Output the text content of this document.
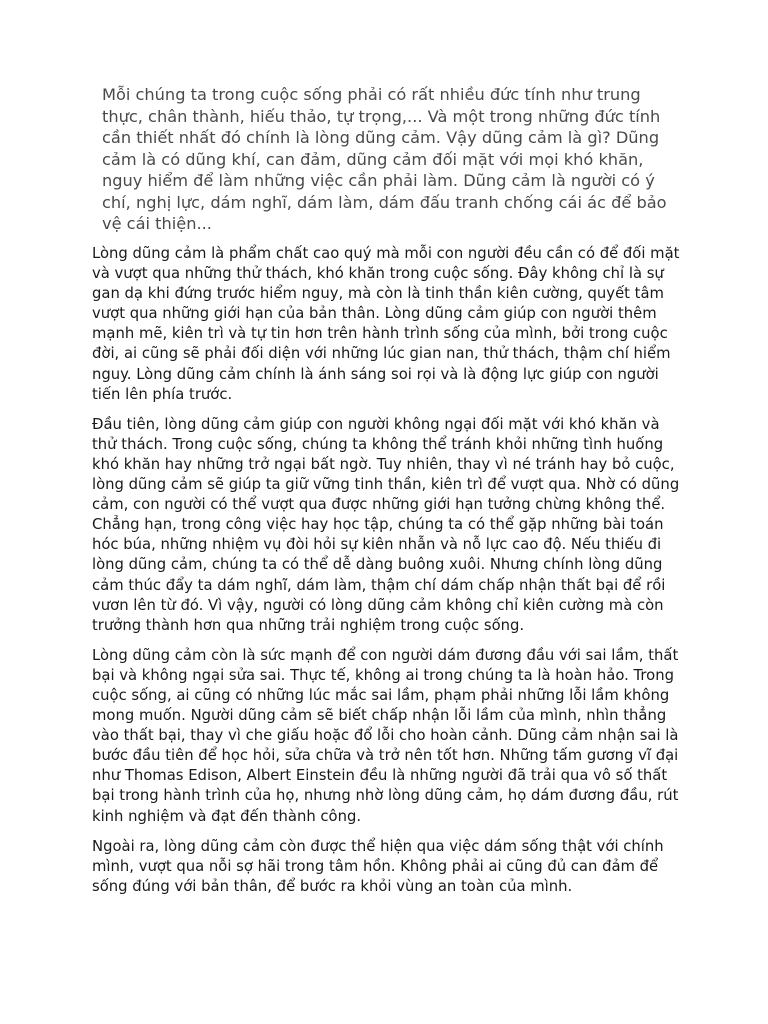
Mỗi chúng ta trong cuộc sống phải có rất nhiều đức tính như trung thực, chân thành, hiếu thảo, tự trọng,... Và một trong những đức tính cần thiết nhất đó chính là lòng dũng cảm. Vậy dũng cảm là gì? Dũng cảm là có dũng khí, can đảm, dũng cảm đối mặt với mọi khó khăn, nguy hiểm để làm những việc cần phải làm. Dũng cảm là người có ý chí, nghị lực, dám nghĩ, dám làm, dám đấu tranh chống cái ác để bảo vệ cái thiện...

Lòng dũng cảm là phẩm chất cao quý mà mỗi con người đều cần có để đối mặt và vượt qua những thử thách, khó khăn trong cuộc sống. Đây không chỉ là sự gan dạ khi đứng trước hiểm nguy, mà còn là tinh thần kiên cường, quyết tâm vượt qua những giới hạn của bản thân. Lòng dũng cảm giúp con người thêm mạnh mẽ, kiên trì và tự tin hơn trên hành trình sống của mình, bởi trong cuộc đời, ai cũng sẽ phải đối diện với những lúc gian nan, thử thách, thậm chí hiểm nguy. Lòng dũng cảm chính là ánh sáng soi rọi và là động lực giúp con người tiến lên phía trước.

Đầu tiên, lòng dũng cảm giúp con người không ngại đối mặt với khó khăn và thử thách. Trong cuộc sống, chúng ta không thể tránh khỏi những tình huống khó khăn hay những trở ngại bất ngờ. Tuy nhiên, thay vì né tránh hay bỏ cuộc, lòng dũng cảm sẽ giúp ta giữ vững tinh thần, kiên trì để vượt qua. Nhờ có dũng cảm, con người có thể vượt qua được những giới hạn tưởng chừng không thể. Chẳng hạn, trong công việc hay học tập, chúng ta có thể gặp những bài toán hóc búa, những nhiệm vụ đòi hỏi sự kiên nhẫn và nỗ lực cao độ. Nếu thiếu đi lòng dũng cảm, chúng ta có thể dễ dàng buông xuôi. Nhưng chính lòng dũng cảm thúc đẩy ta dám nghĩ, dám làm, thậm chí dám chấp nhận thất bại để rồi vươn lên từ đó. Vì vậy, người có lòng dũng cảm không chỉ kiên cường mà còn trưởng thành hơn qua những trải nghiệm trong cuộc sống.

Lòng dũng cảm còn là sức mạnh để con người dám đương đầu với sai lầm, thất bại và không ngại sửa sai. Thực tế, không ai trong chúng ta là hoàn hảo. Trong cuộc sống, ai cũng có những lúc mắc sai lầm, phạm phải những lỗi lầm không mong muốn. Người dũng cảm sẽ biết chấp nhận lỗi lầm của mình, nhìn thẳng vào thất bại, thay vì che giấu hoặc đổ lỗi cho hoàn cảnh. Dũng cảm nhận sai là bước đầu tiên để học hỏi, sửa chữa và trở nên tốt hơn. Những tấm gương vĩ đại như Thomas Edison, Albert Einstein đều là những người đã trải qua vô số thất bại trong hành trình của họ, nhưng nhờ lòng dũng cảm, họ dám đương đầu, rút kinh nghiệm và đạt đến thành công.

Ngoài ra, lòng dũng cảm còn được thể hiện qua việc dám sống thật với chính mình, vượt qua nỗi sợ hãi trong tâm hồn. Không phải ai cũng đủ can đảm để sống đúng với bản thân, để bước ra khỏi vùng an toàn của mình.
